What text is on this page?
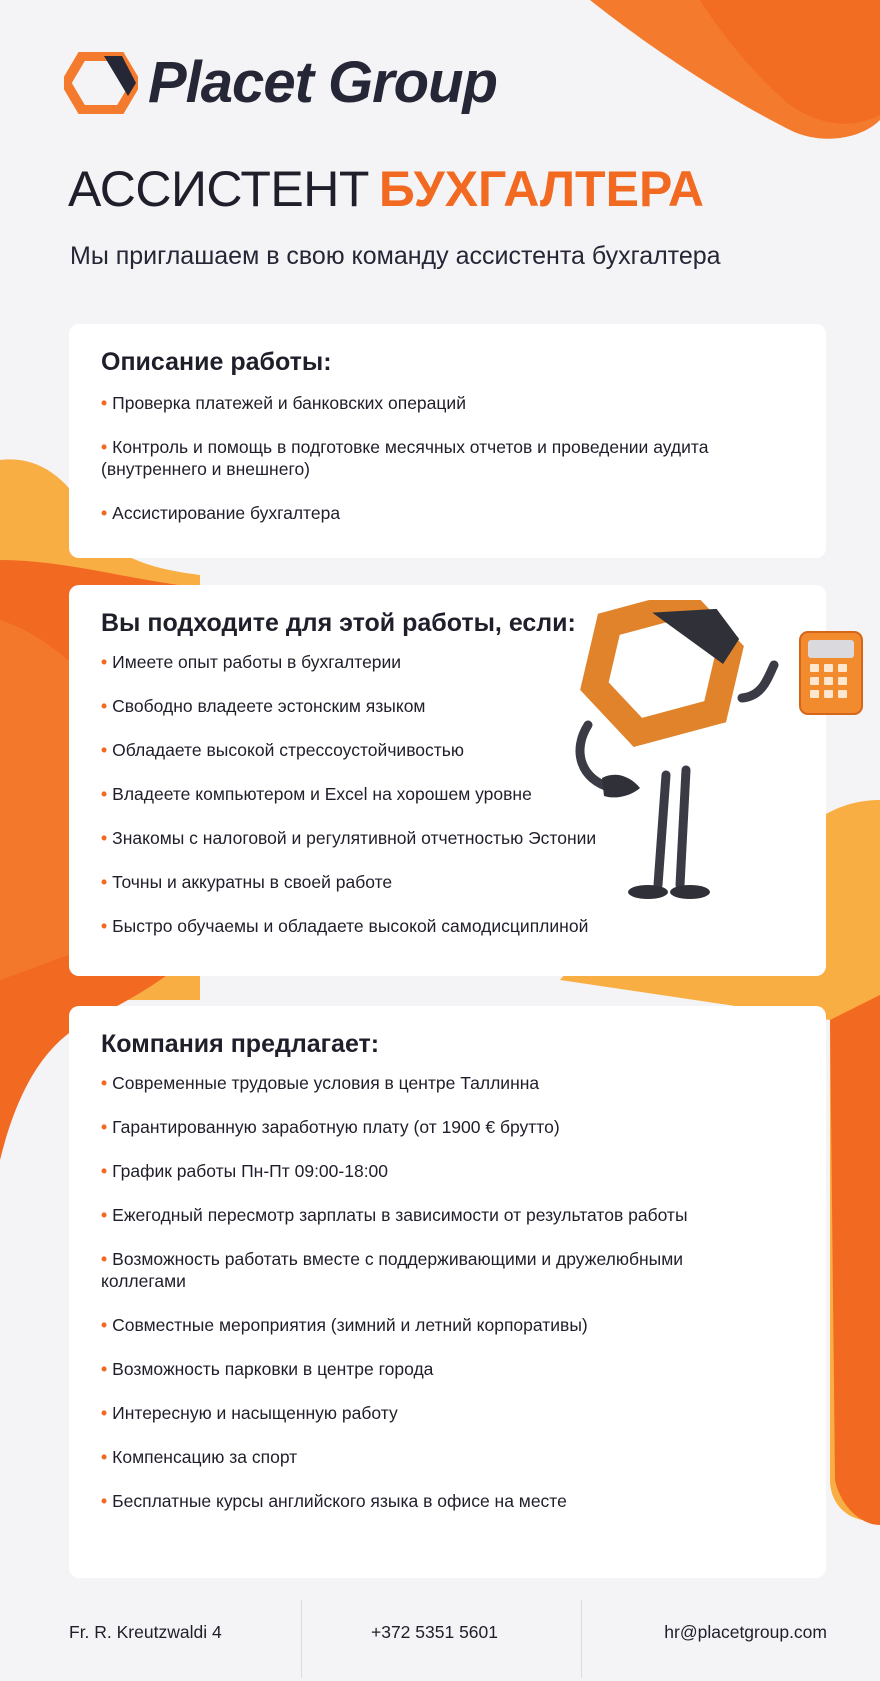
Placet Group
АССИСТЕНТ БУХГАЛТЕРА
Мы приглашаем в свою команду ассистента бухгалтера
Описание работы:
• Проверка платежей и банковских операций
• Контроль и помощь в подготовке месячных отчетов и проведении аудита (внутреннего и внешнего)
• Ассистирование бухгалтера
Вы подходите для этой работы, если:
• Имеете опыт работы в бухгалтерии
• Свободно владеете эстонским языком
• Обладаете высокой стрессоустойчивостью
• Владеете компьютером и Excel на хорошем уровне
• Знакомы с налоговой и регулятивной отчетностью Эстонии
• Точны и аккуратны в своей работе
• Быстро обучаемы и обладаете высокой самодисциплиной
Компания предлагает:
• Современные трудовые условия в центре Таллинна
• Гарантированную заработную плату (от 1900 € брутто)
• График работы Пн-Пт 09:00-18:00
• Ежегодный пересмотр зарплаты в зависимости от результатов работы
• Возможность работать вместе с поддерживающими и дружелюбными коллегами
• Совместные мероприятия (зимний и летний корпоративы)
• Возможность парковки в центре города
• Интересную и насыщенную работу
• Компенсацию за спорт
• Бесплатные курсы английского языка в офисе на месте
Fr. R. Kreutzwaldi 4	+372 5351 5601	hr@placetgroup.com
